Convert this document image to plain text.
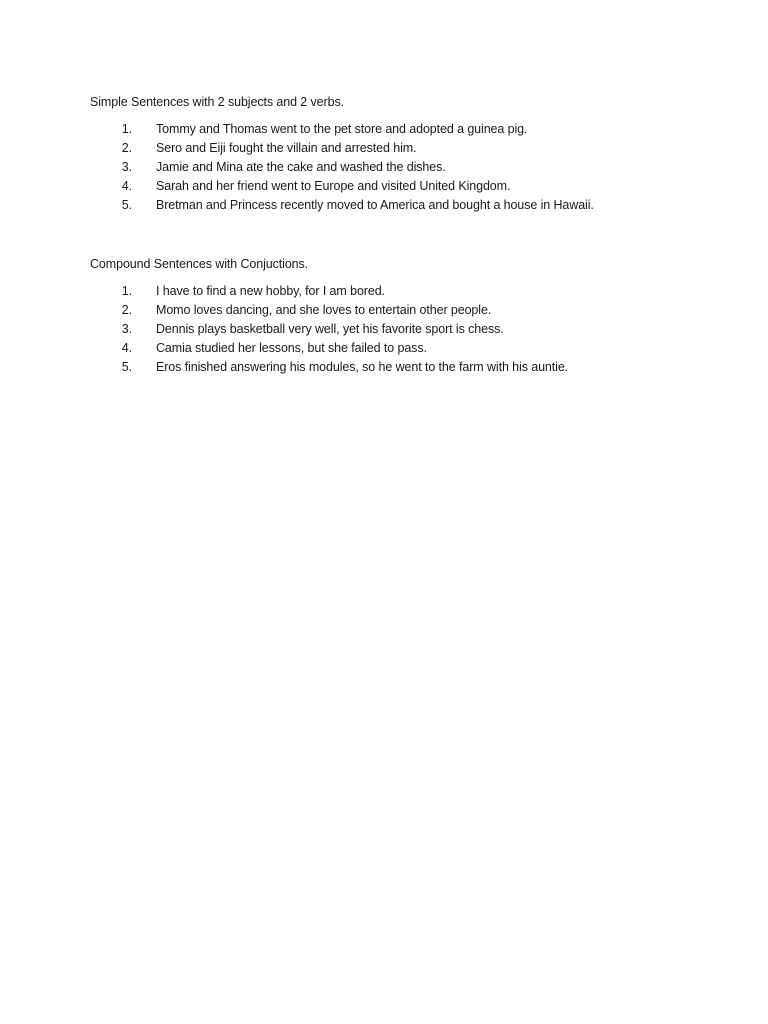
Simple Sentences with 2 subjects and 2 verbs.

1.	Tommy and Thomas went to the pet store and adopted a guinea pig.
2.	Sero and Eiji fought the villain and arrested him.
3.	Jamie and Mina ate the cake and washed the dishes.
4.	Sarah and her friend went to Europe and visited United Kingdom.
5.	Bretman and Princess recently moved to America and bought a house in Hawaii.

Compound Sentences with Conjuctions.

1.	I have to find a new hobby, for I am bored.
2.	Momo loves dancing, and she loves to entertain other people.
3.	Dennis plays basketball very well, yet his favorite sport is chess.
4.	Camia studied her lessons, but she failed to pass.
5.	Eros finished answering his modules, so he went to the farm with his auntie.
